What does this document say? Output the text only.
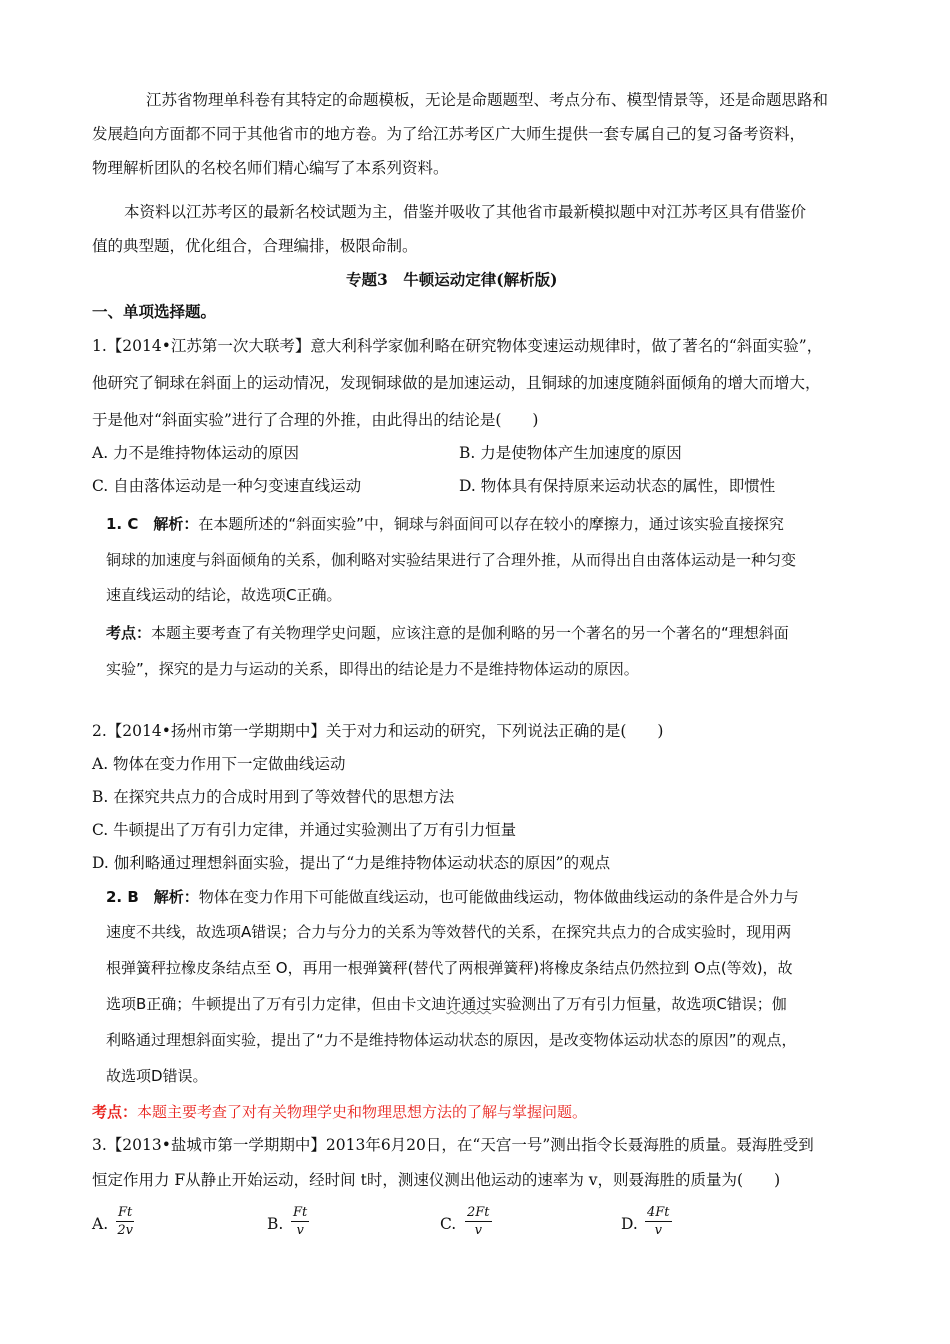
江苏省物理单科卷有其特定的命题模板，无论是命题题型、考点分布、模型情景等，还是命题思路和
发展趋向方面都不同于其他省市的地方卷。为了给江苏考区广大师生提供一套专属自己的复习备考资料，
物理解析团队的名校名师们精心编写了本系列资料。
本资料以江苏考区的最新名校试题为主，借鉴并吸收了其他省市最新模拟题中对江苏考区具有借鉴价
值的典型题，优化组合，合理编排，极限命制。
专题3　牛顿运动定律(解析版)
一、单项选择题。
1.【2014•江苏第一次大联考】意大利科学家伽利略在研究物体变速运动规律时，做了著名的“斜面实验”，
他研究了铜球在斜面上的运动情况，发现铜球做的是加速运动，且铜球的加速度随斜面倾角的增大而增大，
于是他对“斜面实验”进行了合理的外推，由此得出的结论是(　　)
A. 力不是维持物体运动的原因	B. 力是使物体产生加速度的原因
C. 自由落体运动是一种匀变速直线运动	D. 物体具有保持原来运动状态的属性，即惯性
1. C　解析：在本题所述的“斜面实验”中，铜球与斜面间可以存在较小的摩擦力，通过该实验直接探究
铜球的加速度与斜面倾角的关系，伽利略对实验结果进行了合理外推，从而得出自由落体运动是一种匀变
速直线运动的结论，故选项C正确。
考点：本题主要考查了有关物理学史问题，应该注意的是伽利略的另一个著名的另一个著名的“理想斜面
实验”，探究的是力与运动的关系，即得出的结论是力不是维持物体运动的原因。
2.【2014•扬州市第一学期期中】关于对力和运动的研究，下列说法正确的是(　　)
A. 物体在变力作用下一定做曲线运动
B. 在探究共点力的合成时用到了等效替代的思想方法
C. 牛顿提出了万有引力定律，并通过实验测出了万有引力恒量
D. 伽利略通过理想斜面实验，提出了“力是维持物体运动状态的原因”的观点
2. B　解析：物体在变力作用下可能做直线运动，也可能做曲线运动，物体做曲线运动的条件是合外力与
速度不共线，故选项A错误；合力与分力的关系为等效替代的关系，在探究共点力的合成实验时，现用两
根弹簧秤拉橡皮条结点至 O，再用一根弹簧秤(替代了两根弹簧秤)将橡皮条结点仍然拉到 O点(等效)，故
选项B正确；牛顿提出了万有引力定律，但由卡文迪许通过实验测出了万有引力恒量，故选项C错误；伽
利略通过理想斜面实验，提出了“力不是维持物体运动状态的原因，是改变物体运动状态的原因”的观点，
故选项D错误。
考点：本题主要考查了对有关物理学史和物理思想方法的了解与掌握问题。
3.【2013•盐城市第一学期期中】2013年6月20日，在“天宫一号”测出指令长聂海胜的质量。聂海胜受到
恒定作用力 F从静止开始运动，经时间 t时，测速仪测出他运动的速率为 v，则聂海胜的质量为(　　)
A. $\frac{Ft}{2v}$	B. $\frac{Ft}{v}$	C. $\frac{2Ft}{v}$	D. $\frac{4Ft}{v}$
